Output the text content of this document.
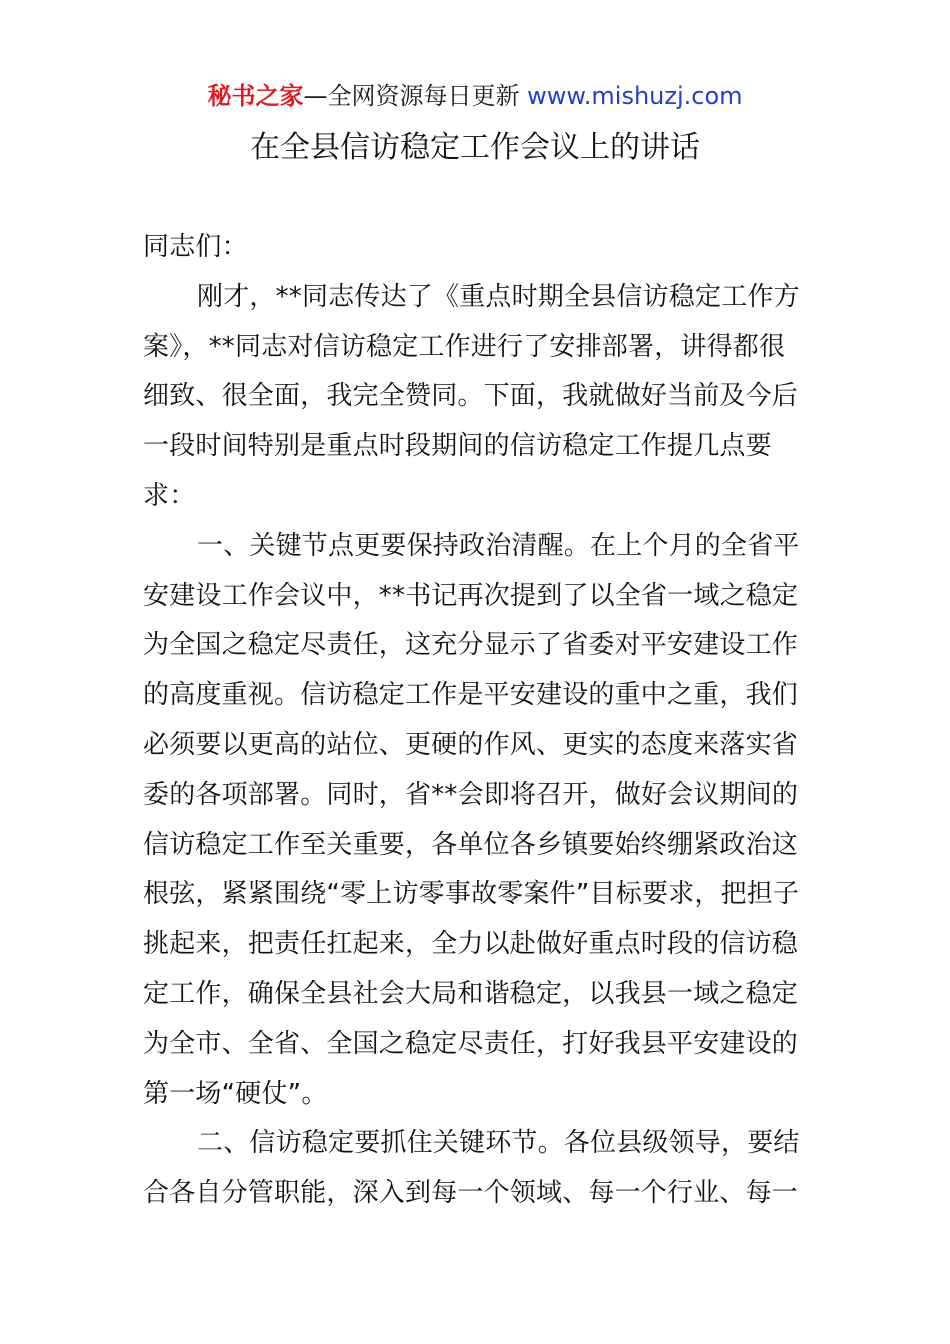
秘书之家—全网资源每日更新 www.mishuzj.com
在全县信访稳定工作会议上的讲话

同志们：

刚才，**同志传达了《重点时期全县信访稳定工作方案》，**同志对信访稳定工作进行了安排部署，讲得都很细致、很全面，我完全赞同。下面，我就做好当前及今后一段时间特别是重点时段期间的信访稳定工作提几点要求：

一、关键节点更要保持政治清醒。在上个月的全省平安建设工作会议中，**书记再次提到了以全省一域之稳定为全国之稳定尽责任，这充分显示了省委对平安建设工作的高度重视。信访稳定工作是平安建设的重中之重，我们必须要以更高的站位、更硬的作风、更实的态度来落实省委的各项部署。同时，省**会即将召开，做好会议期间的信访稳定工作至关重要，各单位各乡镇要始终绷紧政治这根弦，紧紧围绕“零上访零事故零案件”目标要求，把担子挑起来，把责任扛起来，全力以赴做好重点时段的信访稳定工作，确保全县社会大局和谐稳定，以我县一域之稳定为全市、全省、全国之稳定尽责任，打好我县平安建设的第一场“硬仗”。

二、信访稳定要抓住关键环节。各位县级领导，要结合各自分管职能，深入到每一个领域、每一个行业、每一
